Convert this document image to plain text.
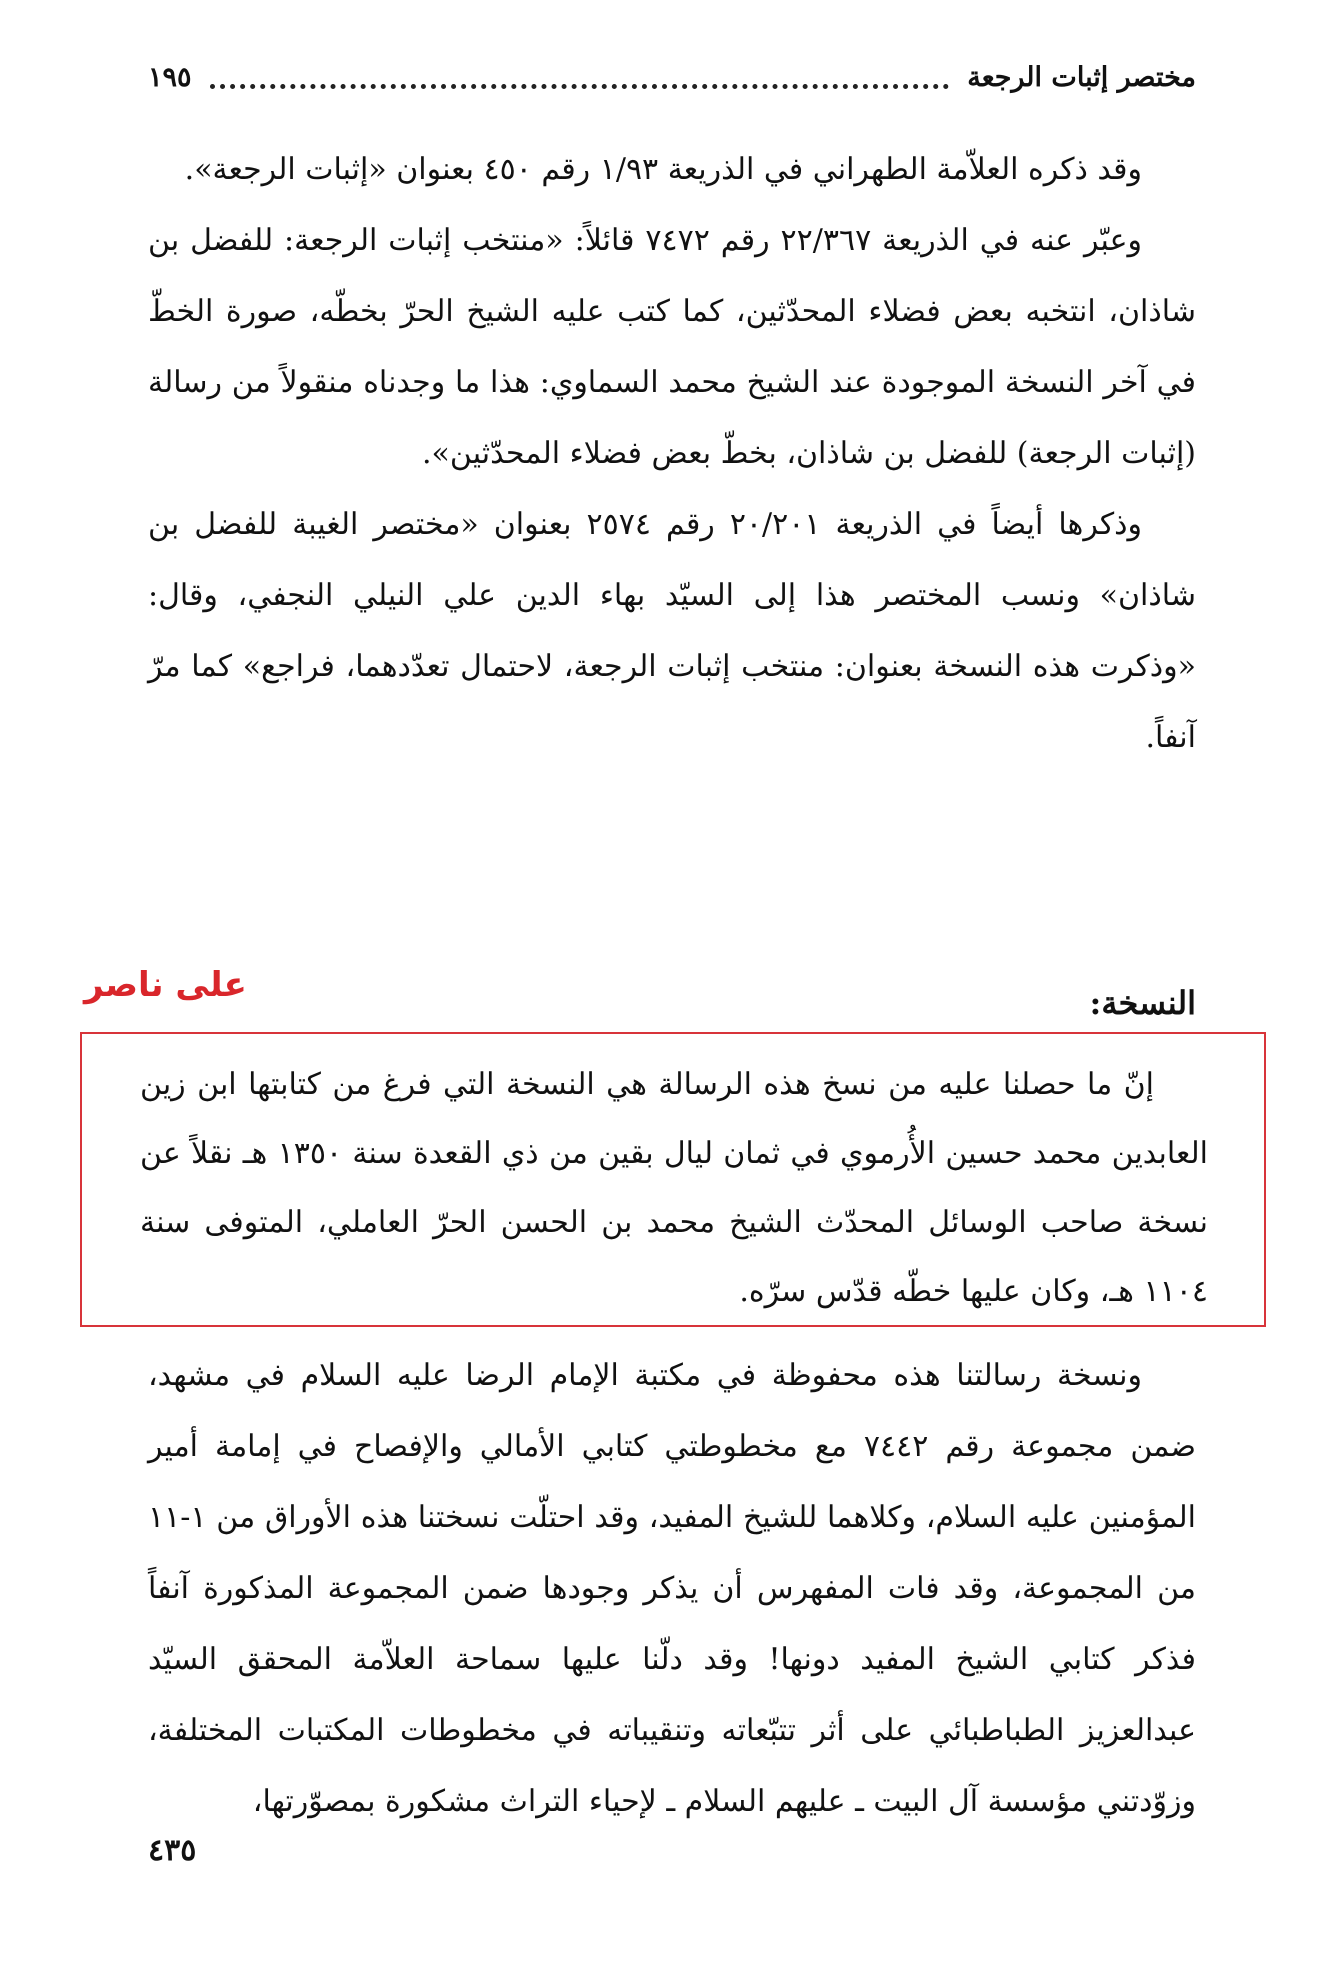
مختصر إثبات الرجعة
١٩٥

وقد ذكره العلاّمة الطهراني في الذريعة ١/٩٣ رقم ٤٥٠ بعنوان «إثبات الرجعة».

وعبّر عنه في الذريعة ٢٢/٣٦٧ رقم ٧٤٧٢ قائلاً: «منتخب إثبات الرجعة: للفضل بن شاذان، انتخبه بعض فضلاء المحدّثين، كما كتب عليه الشيخ الحرّ بخطّه، صورة الخطّ في آخر النسخة الموجودة عند الشيخ محمد السماوي: هذا ما وجدناه منقولاً من رسالة (إثبات الرجعة) للفضل بن شاذان، بخطّ بعض فضلاء المحدّثين».

وذكرها أيضاً في الذريعة ٢٠/٢٠١ رقم ٢٥٧٤ بعنوان «مختصر الغيبة للفضل بن شاذان» ونسب المختصر هذا إلى السيّد بهاء الدين علي النيلي النجفي، وقال: «وذكرت هذه النسخة بعنوان: منتخب إثبات الرجعة، لاحتمال تعدّدهما، فراجع» كما مرّ آنفاً.

على ناصر	النسخة:

إنّ ما حصلنا عليه من نسخ هذه الرسالة هي النسخة التي فرغ من كتابتها ابن زين العابدين محمد حسين الأُرموي في ثمان ليال بقين من ذي القعدة سنة ١٣٥٠ هـ نقلاً عن نسخة صاحب الوسائل المحدّث الشيخ محمد بن الحسن الحرّ العاملي، المتوفى سنة ١١٠٤ هـ، وكان عليها خطّه قدّس سرّه.

ونسخة رسالتنا هذه محفوظة في مكتبة الإمام الرضا عليه السلام في مشهد، ضمن مجموعة رقم ٧٤٤٢ مع مخطوطتي كتابي الأمالي والإفصاح في إمامة أمير المؤمنين عليه السلام، وكلاهما للشيخ المفيد، وقد احتلّت نسختنا هذه الأوراق من ١-١١ من المجموعة، وقد فات المفهرس أن يذكر وجودها ضمن المجموعة المذكورة آنفاً فذكر كتابي الشيخ المفيد دونها! وقد دلّنا عليها سماحة العلاّمة المحقق السيّد عبدالعزيز الطباطبائي على أثر تتبّعاته وتنقيباته في مخطوطات المكتبات المختلفة، وزوّدتني مؤسسة آل البيت ـ عليهم السلام ـ لإحياء التراث مشكورة بمصوّرتها،

٤٣٥
